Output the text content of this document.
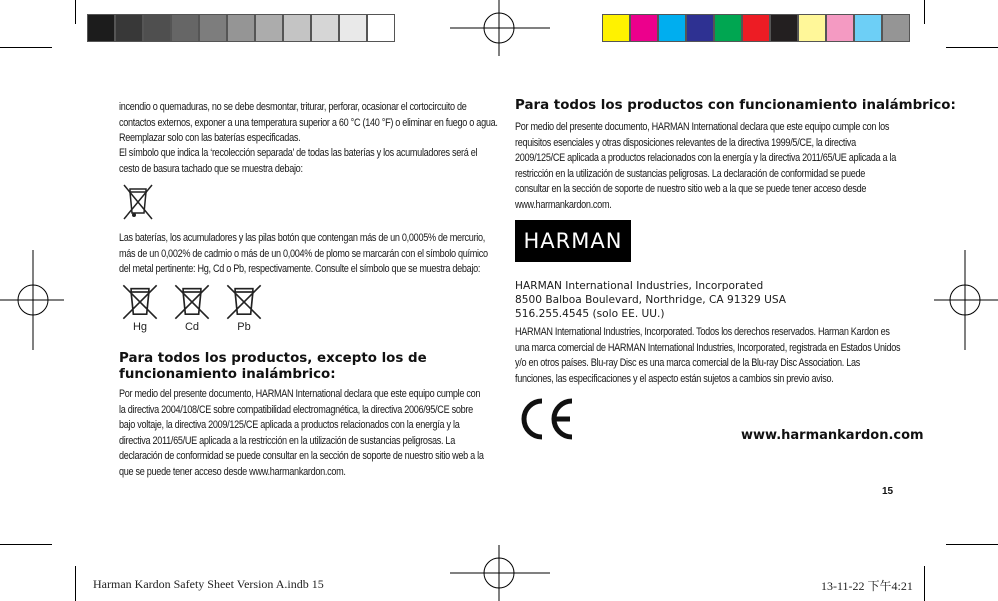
incendio o quemaduras, no se debe desmontar, triturar, perforar, ocasionar el cortocircuito de contactos externos, exponer a una temperatura superior a 60 °C (140 °F) o eliminar en fuego o agua. Reemplazar solo con las baterías especificadas.
El símbolo que indica la ‘recolección separada’ de todas las baterías y los acumuladores será el cesto de basura tachado que se muestra debajo:
Las baterías, los acumuladores y las pilas botón que contengan más de un 0,0005% de mercurio, más de un 0,002% de cadmio o más de un 0,004% de plomo se marcarán con el símbolo químico del metal pertinente: Hg, Cd o Pb, respectivamente. Consulte el símbolo que se muestra debajo:
Hg	Cd	Pb
Para todos los productos, excepto los de funcionamiento inalámbrico:
Por medio del presente documento, HARMAN International declara que este equipo cumple con la directiva 2004/108/CE sobre compatibilidad electromagnética, la directiva 2006/95/CE sobre bajo voltaje, la directiva 2009/125/CE aplicada a productos relacionados con la energía y la directiva 2011/65/UE aplicada a la restricción en la utilización de sustancias peligrosas. La declaración de conformidad se puede consultar en la sección de soporte de nuestro sitio web a la que se puede tener acceso desde www.harmankardon.com.
Para todos los productos con funcionamiento inalámbrico:
Por medio del presente documento, HARMAN International declara que este equipo cumple con los requisitos esenciales y otras disposiciones relevantes de la directiva 1999/5/CE, la directiva 2009/125/CE aplicada a productos relacionados con la energía y la directiva 2011/65/UE aplicada a la restricción en la utilización de sustancias peligrosas. La declaración de conformidad se puede consultar en la sección de soporte de nuestro sitio web a la que se puede tener acceso desde
www.harmankardon.com.
HARMAN
HARMAN International Industries, Incorporated
8500 Balboa Boulevard, Northridge, CA 91329 USA
516.255.4545 (solo EE. UU.)
HARMAN International Industries, Incorporated. Todos los derechos reservados. Harman Kardon es una marca comercial de HARMAN International Industries, Incorporated, registrada en Estados Unidos y/o en otros países. Blu-ray Disc es una marca comercial de la Blu-ray Disc Association. Las funciones, las especificaciones y el aspecto están sujetos a cambios sin previo aviso.
www.harmankardon.com
15
Harman Kardon Safety Sheet Version A.indb 15	13-11-22 下午4:21
